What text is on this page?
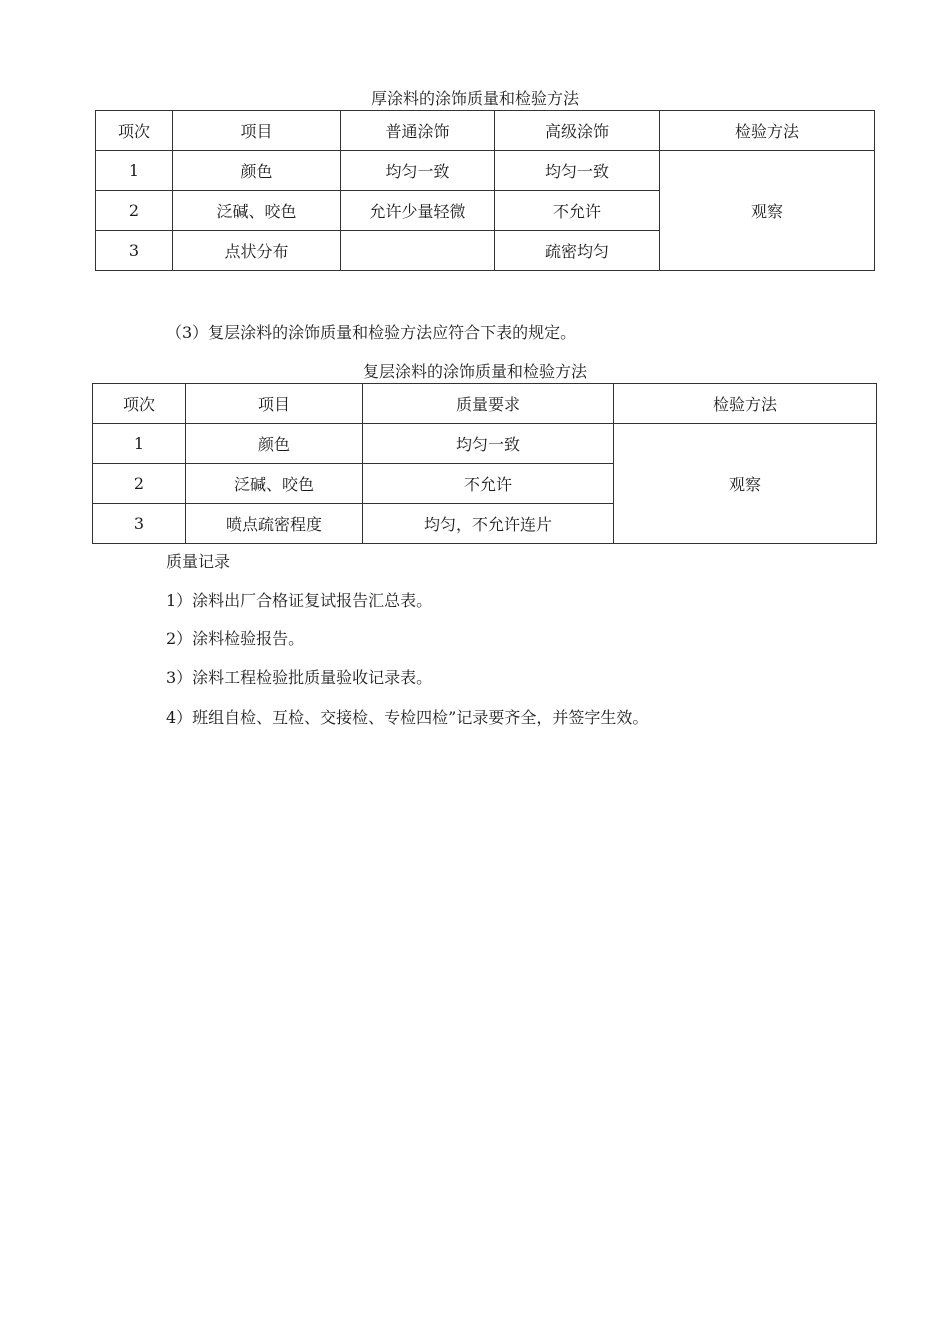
厚涂料的涂饰质量和检验方法
项次	项目	普通涂饰	高级涂饰	检验方法
1	颜色	均匀一致	均匀一致	观察
2	泛碱、咬色	允许少量轻微	不允许	
3	点状分布		疏密均匀	

（3）复层涂料的涂饰质量和检验方法应符合下表的规定。

复层涂料的涂饰质量和检验方法
项次	项目	质量要求	检验方法
1	颜色	均匀一致	观察
2	泛碱、咬色	不允许	
3	喷点疏密程度	均匀，不允许连片	

质量记录

1）涂料出厂合格证复试报告汇总表。

2）涂料检验报告。

3）涂料工程检验批质量验收记录表。

4）班组自检、互检、交接检、专检四检”记录要齐全，并签字生效。
